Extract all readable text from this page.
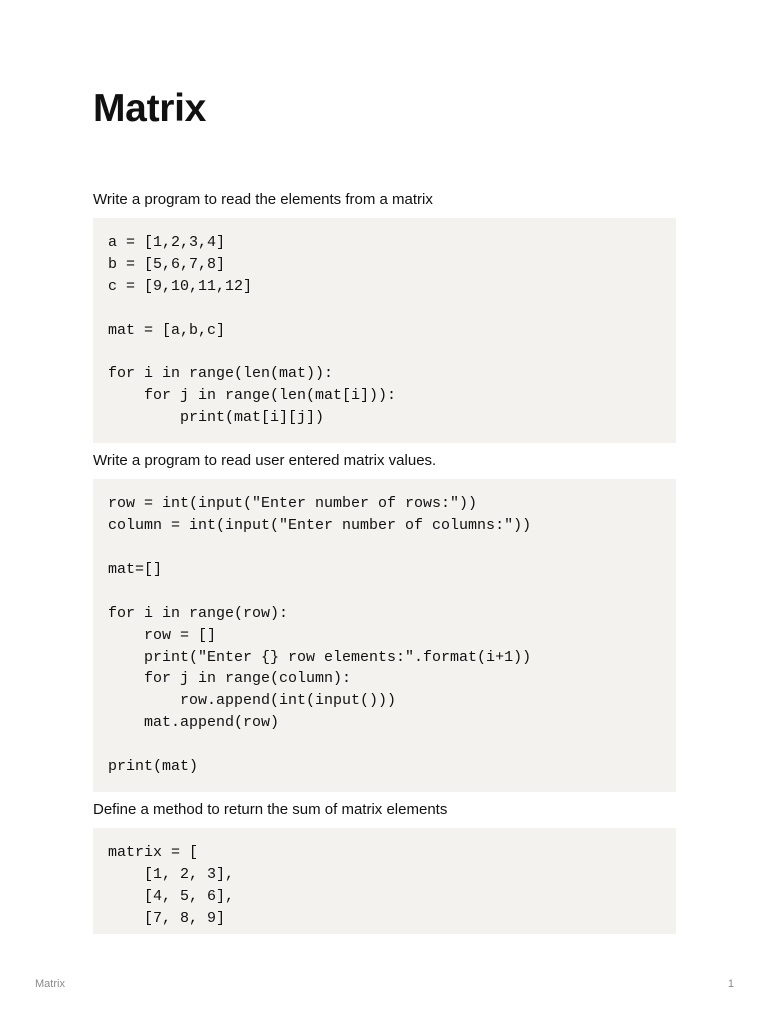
Matrix

Write a program to read the elements from a matrix

a = [1,2,3,4]
b = [5,6,7,8]
c = [9,10,11,12]

mat = [a,b,c]

for i in range(len(mat)):
for j in range(len(mat[i])):
print(mat[i][j])

Write a program to read user entered matrix values.

row = int(input("Enter number of rows:"))
column = int(input("Enter number of columns:"))

mat=[]

for i in range(row):
row = []
print("Enter {} row elements:".format(i+1))
for j in range(column):
row.append(int(input()))
mat.append(row)

print(mat)

Define a method to return the sum of matrix elements

matrix = [
[1, 2, 3],
[4, 5, 6],
[7, 8, 9]
Matrix	1
